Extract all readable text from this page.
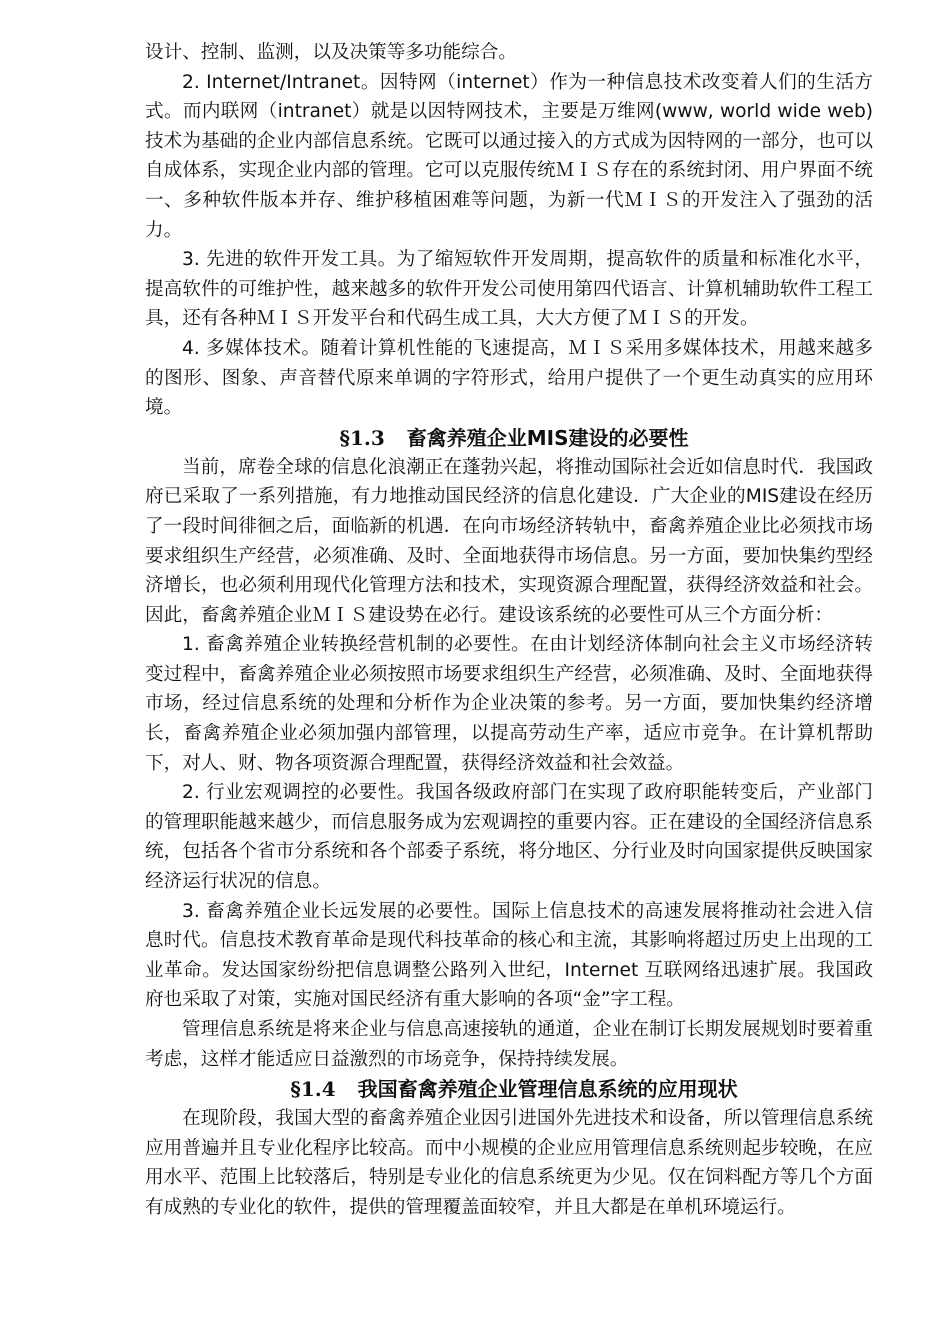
设计、控制、监测，以及决策等多功能综合。

2. Internet/Intranet。因特网（internet）作为一种信息技术改变着人们的生活方式。而内联网（intranet）就是以因特网技术，主要是万维网(www, world wide web)技术为基础的企业内部信息系统。它既可以通过接入的方式成为因特网的一部分，也可以自成体系，实现企业内部的管理。它可以克服传统ＭＩＳ存在的系统封闭、用户界面不统一、多种软件版本并存、维护移植困难等问题，为新一代ＭＩＳ的开发注入了强劲的活力。

3. 先进的软件开发工具。为了缩短软件开发周期，提高软件的质量和标准化水平，提高软件的可维护性，越来越多的软件开发公司使用第四代语言、计算机辅助软件工程工具，还有各种ＭＩＳ开发平台和代码生成工具，大大方便了ＭＩＳ的开发。

4. 多媒体技术。随着计算机性能的飞速提高，ＭＩＳ采用多媒体技术，用越来越多的图形、图象、声音替代原来单调的字符形式，给用户提供了一个更生动真实的应用环境。

§1.3 畜禽养殖企业MIS建设的必要性

当前，席卷全球的信息化浪潮正在蓬勃兴起，将推动国际社会近如信息时代．我国政府已采取了一系列措施，有力地推动国民经济的信息化建设．广大企业的MIS建设在经历了一段时间徘徊之后，面临新的机遇．在向市场经济转轨中，畜禽养殖企业比必须找市场要求组织生产经营，必须准确、及时、全面地获得市场信息。另一方面，要加快集约型经济增长，也必须利用现代化管理方法和技术，实现资源合理配置，获得经济效益和社会。因此，畜禽养殖企业ＭＩＳ建设势在必行。建设该系统的必要性可从三个方面分析：

1. 畜禽养殖企业转换经营机制的必要性。在由计划经济体制向社会主义市场经济转变过程中，畜禽养殖企业必须按照市场要求组织生产经营，必须准确、及时、全面地获得市场，经过信息系统的处理和分析作为企业决策的参考。另一方面，要加快集约经济增长，畜禽养殖企业必须加强内部管理，以提高劳动生产率，适应市竞争。在计算机帮助下，对人、财、物各项资源合理配置，获得经济效益和社会效益。

2. 行业宏观调控的必要性。我国各级政府部门在实现了政府职能转变后，产业部门的管理职能越来越少，而信息服务成为宏观调控的重要内容。正在建设的全国经济信息系统，包括各个省市分系统和各个部委子系统，将分地区、分行业及时向国家提供反映国家经济运行状况的信息。

3. 畜禽养殖企业长远发展的必要性。国际上信息技术的高速发展将推动社会进入信息时代。信息技术教育革命是现代科技革命的核心和主流，其影响将超过历史上出现的工业革命。发达国家纷纷把信息调整公路列入世纪，Internet 互联网络迅速扩展。我国政府也采取了对策，实施对国民经济有重大影响的各项“金”字工程。

管理信息系统是将来企业与信息高速接轨的通道，企业在制订长期发展规划时要着重考虑，这样才能适应日益激烈的市场竞争，保持持续发展。

§1.4 我国畜禽养殖企业管理信息系统的应用现状

在现阶段，我国大型的畜禽养殖企业因引进国外先进技术和设备，所以管理信息系统应用普遍并且专业化程序比较高。而中小规模的企业应用管理信息系统则起步较晚，在应用水平、范围上比较落后，特别是专业化的信息系统更为少见。仅在饲料配方等几个方面有成熟的专业化的软件，提供的管理覆盖面较窄，并且大都是在单机环境运行。
